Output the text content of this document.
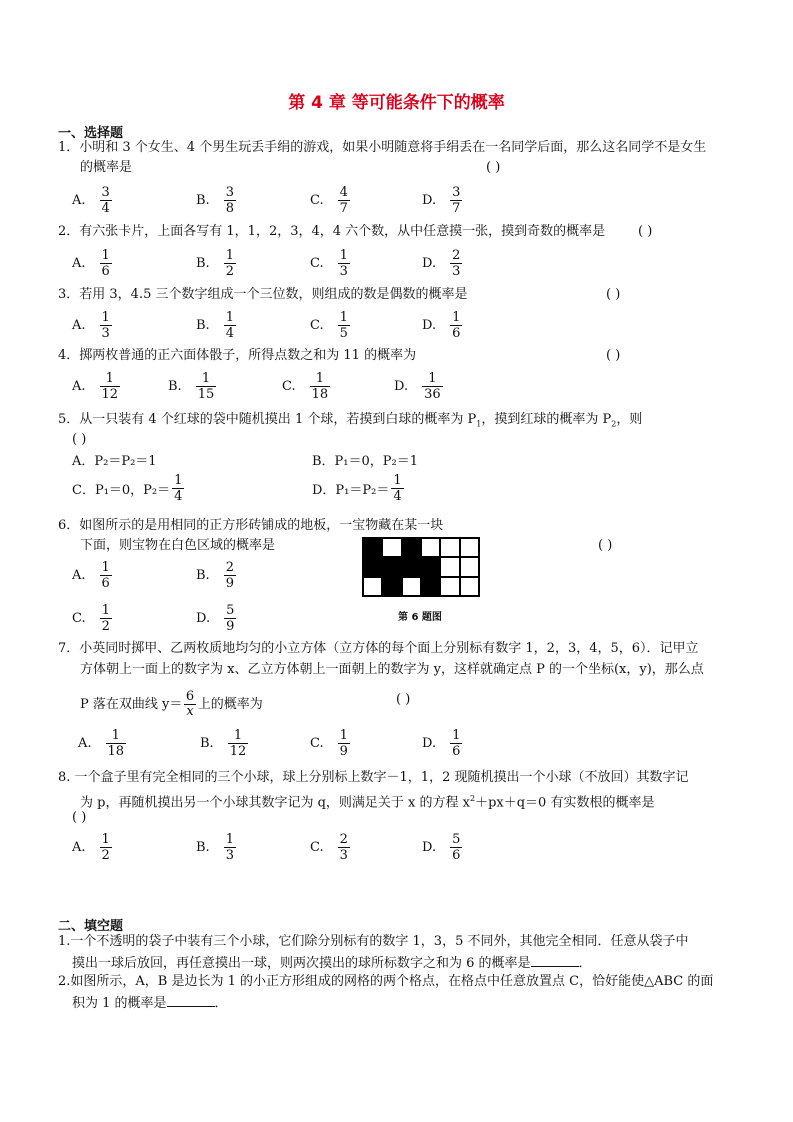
第 4 章 等可能条件下的概率
一、选择题
1．小明和 3 个女生、4 个男生玩丢手绢的游戏，如果小明随意将手绢丢在一名同学后面，那么这名同学不是女生
的概率是	( )
A. $\frac{3}{4}$	B. $\frac{3}{8}$	C. $\frac{4}{7}$	D. $\frac{3}{7}$
2．有六张卡片，上面各写有 1，1，2，3，4，4 六个数，从中任意摸一张，摸到奇数的概率是	( )
A. $\frac{1}{6}$	B. $\frac{1}{2}$	C. $\frac{1}{3}$	D. $\frac{2}{3}$
3．若用 3，4.5 三个数字组成一个三位数，则组成的数是偶数的概率是	( )
A. $\frac{1}{3}$	B. $\frac{1}{4}$	C. $\frac{1}{5}$	D. $\frac{1}{6}$
4．掷两枚普通的正六面体骰子，所得点数之和为 11 的概率为	( )
A. $\frac{1}{12}$	B. $\frac{1}{15}$	C. $\frac{1}{18}$	D. $\frac{1}{36}$
5．从一只装有 4 个红球的袋中随机摸出 1 个球，若摸到白球的概率为 $P_1$，摸到红球的概率为 $P_2$，则
( )
A．P₂＝P₂＝1	B．P₁＝0，P₂＝1
C．P₁＝0，$P_2= \frac{1}{4}$	D．$P_1=P_2= \frac{1}{4}$
6．如图所示的是用相同的正方形砖铺成的地板，一宝物藏在某一块
下面，则宝物在白色区域的概率是	( )
第 6 题图
A. $\frac{1}{6}$	B. $\frac{2}{9}$
C. $\frac{1}{2}$	D. $\frac{5}{9}$
7．小英同时掷甲、乙两枚质地均匀的小立方体（立方体的每个面上分别标有数字 1，2，3，4，5，6）．记甲立
方体朝上一面上的数字为 x、乙立方体朝上一面朝上的数字为 y，这样就确定点 P 的一个坐标(x，y)，那么点
P 落在双曲线 $y= \frac{6}{x}$ 上的概率为	( )
A. $\frac{1}{18}$	B. $\frac{1}{12}$	C. $\frac{1}{9}$	D. $\frac{1}{6}$
8. 一个盒子里有完全相同的三个小球，球上分别标上数字－1，1，2 现随机摸出一个小球（不放回）其数字记
为 p，再随机摸出另一个小球其数字记为 q，则满足关于 x 的方程 $x^2+px+q=0$ 有实数根的概率是
( )
A. $\frac{1}{2}$	B. $\frac{1}{3}$	C. $\frac{2}{3}$	D. $\frac{5}{6}$
二、填空题
1.一个不透明的袋子中装有三个小球，它们除分别标有的数字 1，3，5 不同外，其他完全相同．任意从袋子中
摸出一球后放回，再任意摸出一球，则两次摸出的球所标数字之和为 6 的概率是	．
2.如图所示，A，B 是边长为 1 的小正方形组成的网格的两个格点，在格点中任意放置点 C，恰好能使△ABC 的面
积为 1 的概率是	．
